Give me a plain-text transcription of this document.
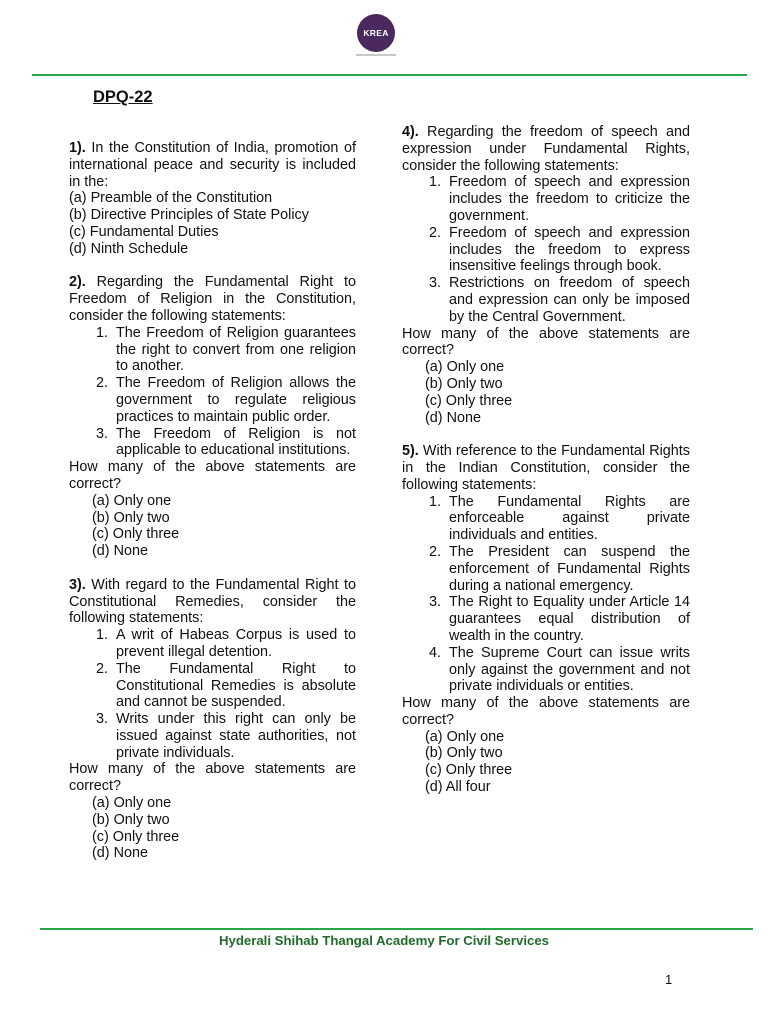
KREA
DPQ-22
1). In the Constitution of India, promotion of international peace and security is included in the:
(a) Preamble of the Constitution
(b) Directive Principles of State Policy
(c) Fundamental Duties
(d) Ninth Schedule
2). Regarding the Fundamental Right to Freedom of Religion in the Constitution, consider the following statements:
1. The Freedom of Religion guarantees the right to convert from one religion to another.
2. The Freedom of Religion allows the government to regulate religious practices to maintain public order.
3. The Freedom of Religion is not applicable to educational institutions.
How many of the above statements are correct?
(a) Only one
(b) Only two
(c) Only three
(d) None
3). With regard to the Fundamental Right to Constitutional Remedies, consider the following statements:
1. A writ of Habeas Corpus is used to prevent illegal detention.
2. The Fundamental Right to Constitutional Remedies is absolute and cannot be suspended.
3. Writs under this right can only be issued against state authorities, not private individuals.
How many of the above statements are correct?
(a) Only one
(b) Only two
(c) Only three
(d) None
4). Regarding the freedom of speech and expression under Fundamental Rights, consider the following statements:
1. Freedom of speech and expression includes the freedom to criticize the government.
2. Freedom of speech and expression includes the freedom to express insensitive feelings through book.
3. Restrictions on freedom of speech and expression can only be imposed by the Central Government.
How many of the above statements are correct?
(a) Only one
(b) Only two
(c) Only three
(d) None
5). With reference to the Fundamental Rights in the Indian Constitution, consider the following statements:
1. The Fundamental Rights are enforceable against private individuals and entities.
2. The President can suspend the enforcement of Fundamental Rights during a national emergency.
3. The Right to Equality under Article 14 guarantees equal distribution of wealth in the country.
4. The Supreme Court can issue writs only against the government and not private individuals or entities.
How many of the above statements are correct?
(a) Only one
(b) Only two
(c) Only three
(d) All four
Hyderali Shihab Thangal Academy For Civil Services
1
